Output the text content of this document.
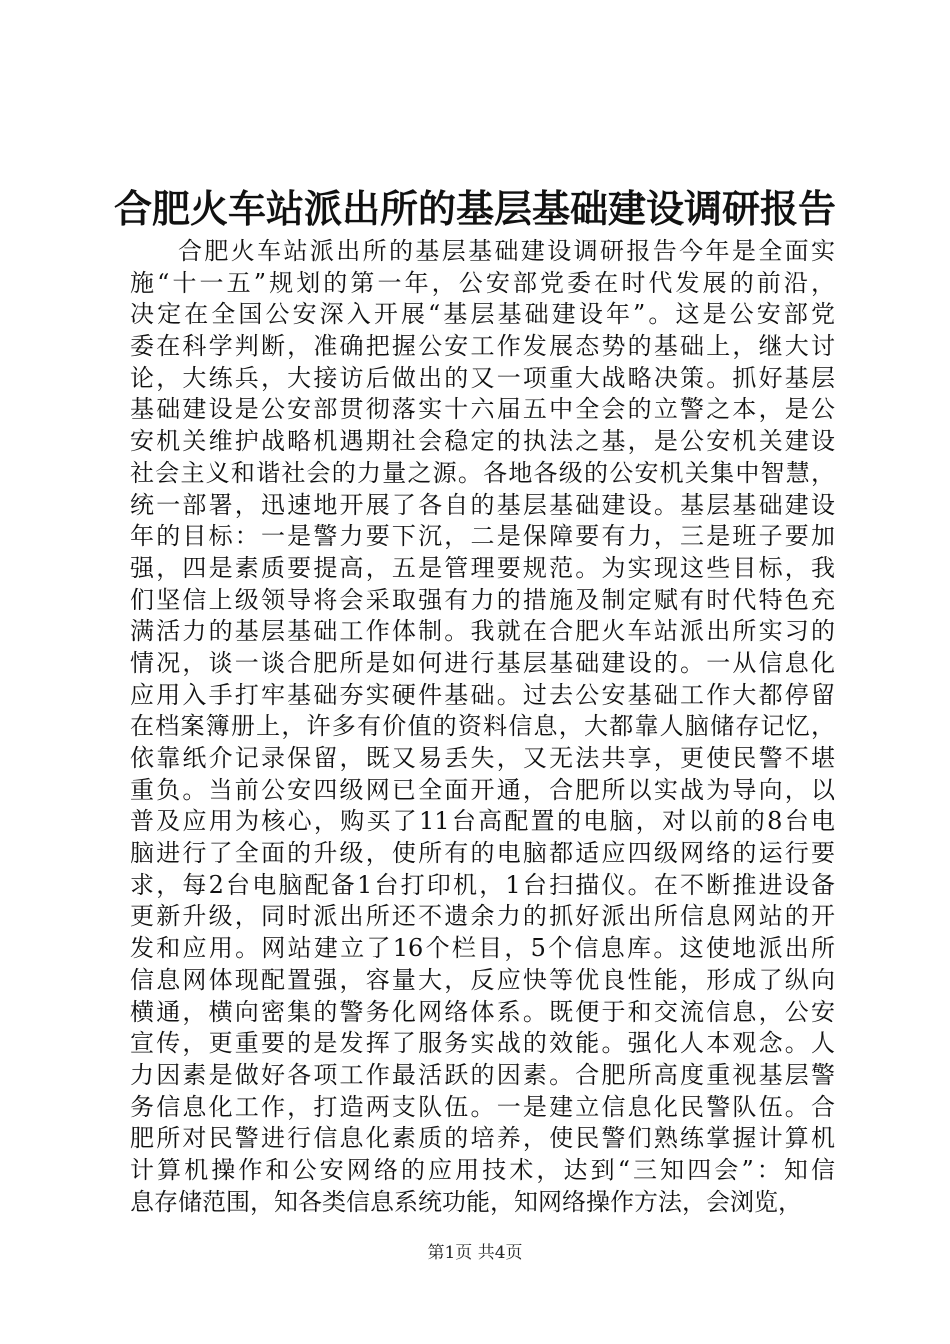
合肥火车站派出所的基层基础建设调研报告
合肥火车站派出所的基层基础建设调研报告今年是全面实
施“十一五”规划的第一年，公安部党委在时代发展的前沿，
决定在全国公安深入开展“基层基础建设年”。这是公安部党
委在科学判断，准确把握公安工作发展态势的基础上，继大讨
论，大练兵，大接访后做出的又一项重大战略决策。抓好基层
基础建设是公安部贯彻落实十六届五中全会的立警之本，是公
安机关维护战略机遇期社会稳定的执法之基，是公安机关建设
社会主义和谐社会的力量之源。各地各级的公安机关集中智慧，
统一部署，迅速地开展了各自的基层基础建设。基层基础建设
年的目标：一是警力要下沉，二是保障要有力，三是班子要加
强，四是素质要提高，五是管理要规范。为实现这些目标，我
们坚信上级领导将会采取强有力的措施及制定赋有时代特色充
满活力的基层基础工作体制。我就在合肥火车站派出所实习的
情况，谈一谈合肥所是如何进行基层基础建设的。一从信息化
应用入手打牢基础夯实硬件基础。过去公安基础工作大都停留
在档案簿册上，许多有价值的资料信息，大都靠人脑储存记忆，
依靠纸介记录保留，既又易丢失，又无法共享，更使民警不堪
重负。当前公安四级网已全面开通，合肥所以实战为导向，以
普及应用为核心，购买了11台高配置的电脑，对以前的8台电
脑进行了全面的升级，使所有的电脑都适应四级网络的运行要
求，每2台电脑配备1台打印机，1台扫描仪。在不断推进设备
更新升级，同时派出所还不遗余力的抓好派出所信息网站的开
发和应用。网站建立了16个栏目，5个信息库。这使地派出所
信息网体现配置强，容量大，反应快等优良性能，形成了纵向
横通，横向密集的警务化网络体系。既便于和交流信息，公安
宣传，更重要的是发挥了服务实战的效能。强化人本观念。人
力因素是做好各项工作最活跃的因素。合肥所高度重视基层警
务信息化工作，打造两支队伍。一是建立信息化民警队伍。合
肥所对民警进行信息化素质的培养，使民警们熟练掌握计算机
计算机操作和公安网络的应用技术，达到“三知四会”：知信
息存储范围，知各类信息系统功能，知网络操作方法，会浏览，
第1页 共4页
